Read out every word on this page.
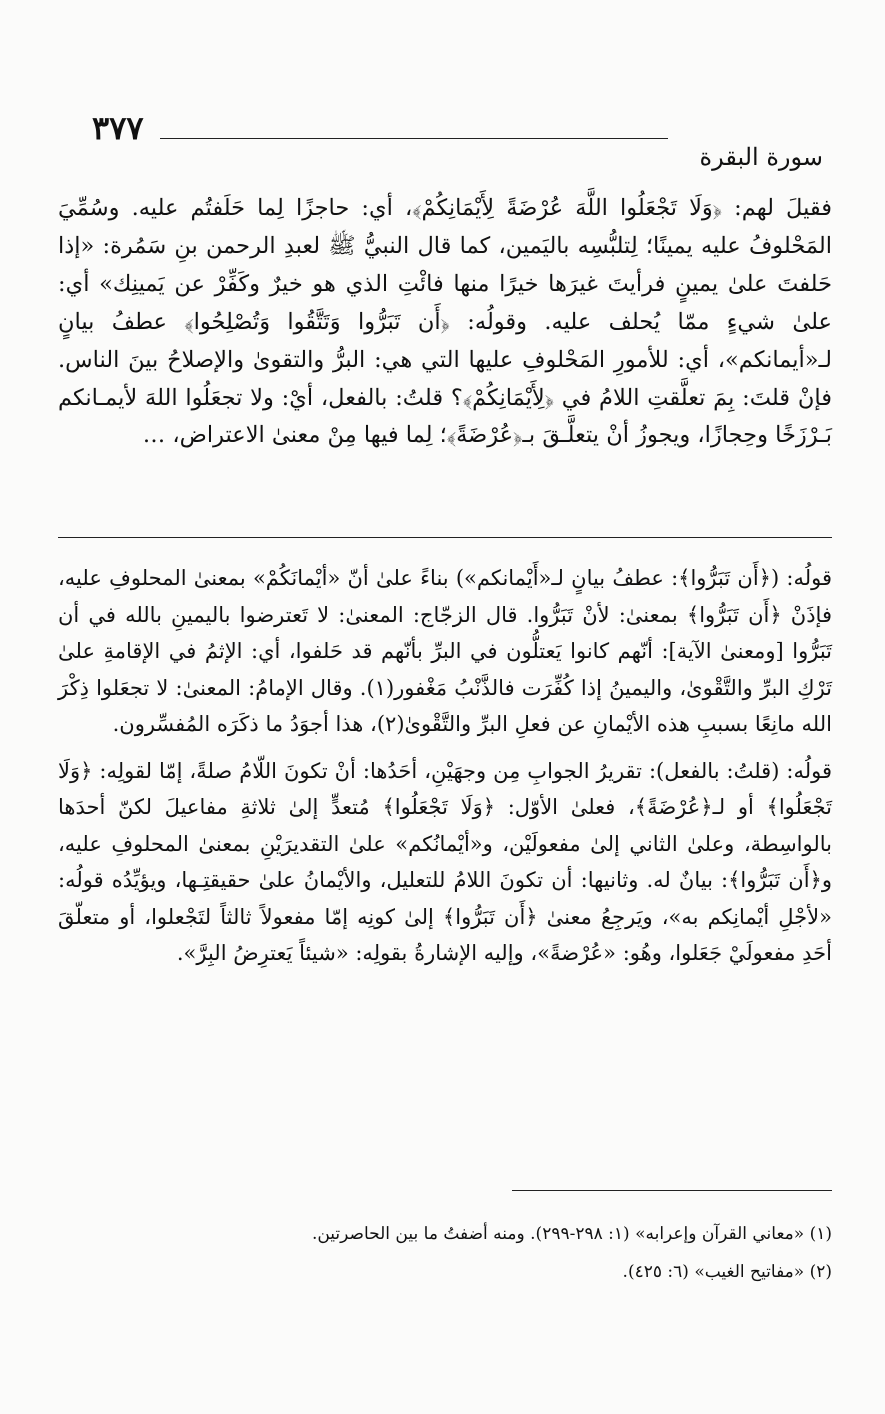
٣٧٧
سورة البقرة

فقيلَ لهم: ﴿وَلَا تَجْعَلُوا اللَّهَ عُرْضَةً لِأَيْمَانِكُمْ﴾، أي: حاجزًا لِما حَلَفتُم عليه. وسُمِّيَ المَحْلوفُ عليه يمينًا؛ لِتلبُّسِه باليَمين، كما قال النبيُّ ﷺ لعبدِ الرحمن بنِ سَمُرة: «إذا حَلفتَ علىٰ يمينٍ فرأيتَ غيرَها خيرًا منها فائْتِ الذي هو خيرٌ وكَفِّرْ عن يَمينِك» أي: علىٰ شيءٍ ممّا يُحلف عليه. وقولُه: ﴿أَن تَبَرُّوا وَتَتَّقُوا وَتُصْلِحُوا﴾ عطفُ بيانٍ لـ«أيمانكم»، أي: للأمورِ المَحْلوفِ عليها التي هي: البرُّ والتقوىٰ والإصلاحُ بينَ الناس. فإنْ قلتَ: بِمَ تعلَّقتِ اللامُ في ﴿لِأَيْمَانِكُمْ﴾؟ قلتُ: بالفعل، أيْ: ولا تجعَلُوا اللهَ لأيمـانكم بَـرْزَخًا وحِجازًا، ويجوزُ أنْ يتعلَّـقَ بـ﴿عُرْضَةً﴾؛ لِما فيها مِنْ معنىٰ الاعتراض، …

قولُه: (﴿أَن تَبَرُّوا﴾: عطفُ بيانٍ لـ«أَيْمانكم») بناءً علىٰ أنّ «أيْمانَكُمْ» بمعنىٰ المحلوفِ عليه، فإذَنْ ﴿أَن تَبَرُّوا﴾ بمعنىٰ: لأنْ تَبَرُّوا. قال الزجّاج: المعنىٰ: لا تَعترضوا باليمينِ بالله في أن تَبَرُّوا [ومعنىٰ الآية]: أنّهم كانوا يَعتلُّون في البرِّ بأنّهم قد حَلفوا، أي: الإثمُ في الإقامةِ علىٰ تَرْكِ البرِّ والتَّقْوىٰ، واليمينُ إذا كُفِّرَت فالذَّنْبُ مَغْفور(١). وقال الإمامُ: المعنىٰ: لا تجعَلوا ذِكْرَ الله مانِعًا بسببِ هذه الأيْمانِ عن فعلِ البرِّ والتَّقْوىٰ(٢)، هذا أجوَدُ ما ذكَرَه المُفسِّرون.

قولُه: (قلتُ: بالفعل): تقريرُ الجوابِ مِن وجهَيْنِ، أحَدُها: أنْ تكونَ اللّامُ صلةً، إمّا لقولِه: ﴿وَلَا تَجْعَلُوا﴾ أو لـ﴿عُرْضَةً﴾، فعلىٰ الأوّل: ﴿وَلَا تَجْعَلُوا﴾ مُتعدٍّ إلىٰ ثلاثةِ مفاعيلَ لكنّ أحدَها بالواسِطة، وعلىٰ الثاني إلىٰ مفعولَيْن، و«أيْمانُكم» علىٰ التقديرَيْنِ بمعنىٰ المحلوفِ عليه، و﴿أَن تَبَرُّوا﴾: بيانٌ له. وثانيها: أن تكونَ اللامُ للتعليل، والأيْمانُ علىٰ حقيقتِـها، ويؤيِّدُه قولُه: «لأجْلِ أيْمانِكم به»، ويَرجِعُ معنىٰ ﴿أَن تَبَرُّوا﴾ إلىٰ كونِه إمّا مفعولاً ثالثاً لتَجْعلوا، أو متعلّقَ أحَدِ مفعولَيْ جَعَلوا، وهُو: «عُرْضةً»، وإليه الإشارةُ بقولِه: «شيئاً يَعترِضُ البِرَّ».

(١) «معاني القرآن وإعرابه» (١: ٢٩٨-٢٩٩). ومنه أضفتُ ما بين الحاصرتين.

(٢) «مفاتيح الغيب» (٦: ٤٢٥).
